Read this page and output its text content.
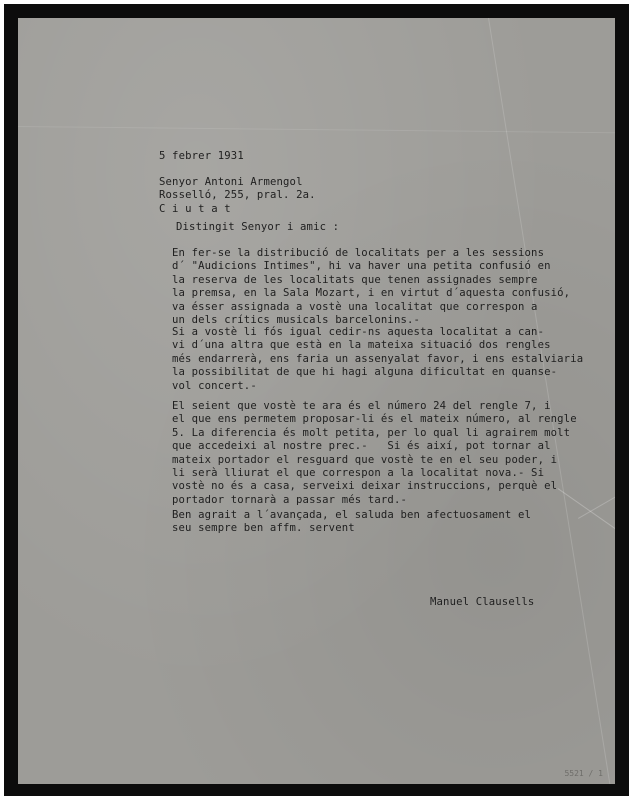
5 febrer 1931
Senyor Antoni Armengol
Rosselló, 255, pral. 2a.
C i u t a t
Distingit Senyor i amic :
En fer-se la distribució de localitats per a les sessions
d´ "Audicions Intimes", hi va haver una petita confusió en
la reserva de les localitats que tenen assignades sempre
la premsa, en la Sala Mozart, i en virtut d´aquesta confusió,
va ésser assignada a vostè una localitat que correspon a
un dels crítics musicals barcelonins.-
Si a vostè li fós igual cedir-ns aquesta localitat a can-
vi d´una altra que està en la mateixa situació dos rengles
més endarrerà, ens faria un assenyalat favor, i ens estalviaria
la possibilitat de que hi hagi alguna dificultat en quanse-
vol concert.-
El seient que vostè te ara és el número 24 del rengle 7, i
el que ens permetem proposar-li és el mateix número, al rengle
5. La diferencia és molt petita, per lo qual li agrairem molt
que accedeixi al nostre prec.-   Si és així, pot tornar al
mateix portador el resguard que vostè te en el seu poder, i
li serà lliurat el que correspon a la localitat nova.- Si
vostè no és a casa, serveixi deixar instruccions, perquè el
portador tornarà a passar més tard.-
Ben agrait a l´avançada, el saluda ben afectuosament el
seu sempre ben affm. servent
Manuel Clausells
5521 / 1
